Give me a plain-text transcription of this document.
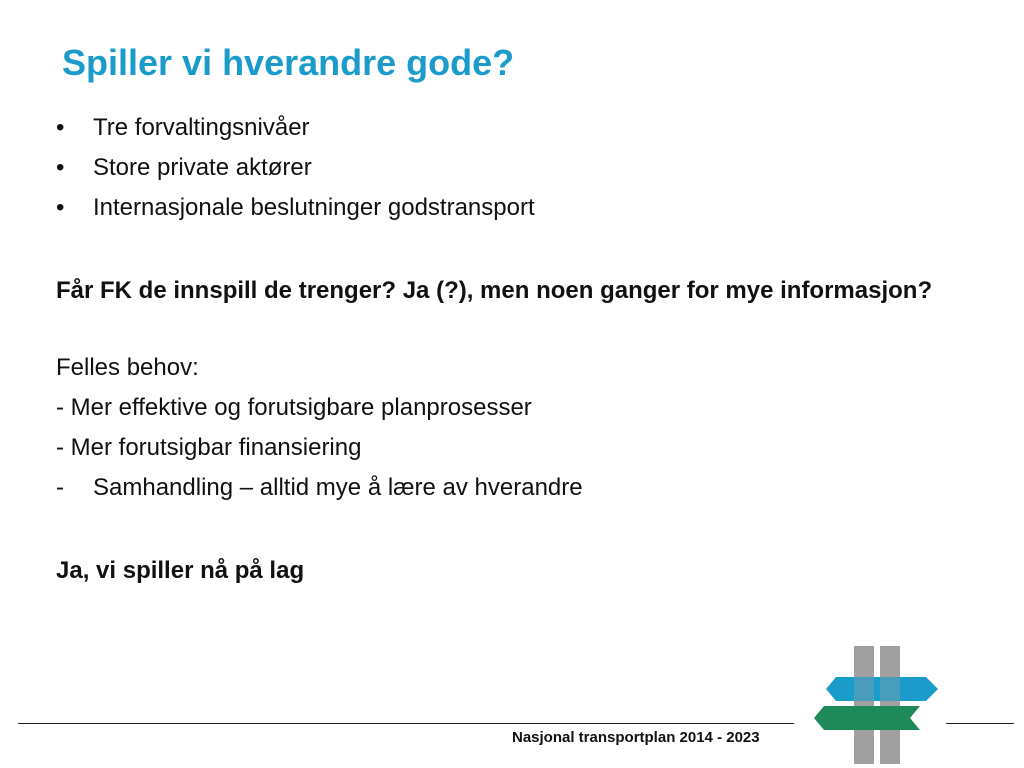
Spiller vi hverandre gode?
•	Tre forvaltingsnivåer
•	Store private aktører
•	Internasjonale beslutninger godstransport
Får FK de innspill de trenger? Ja (?), men noen ganger for mye informasjon?
Felles behov:
- Mer effektive og forutsigbare planprosesser
- Mer forutsigbar finansiering
-	Samhandling – alltid mye å lære av hverandre
Ja, vi spiller nå på lag
Nasjonal transportplan 2014 - 2023
